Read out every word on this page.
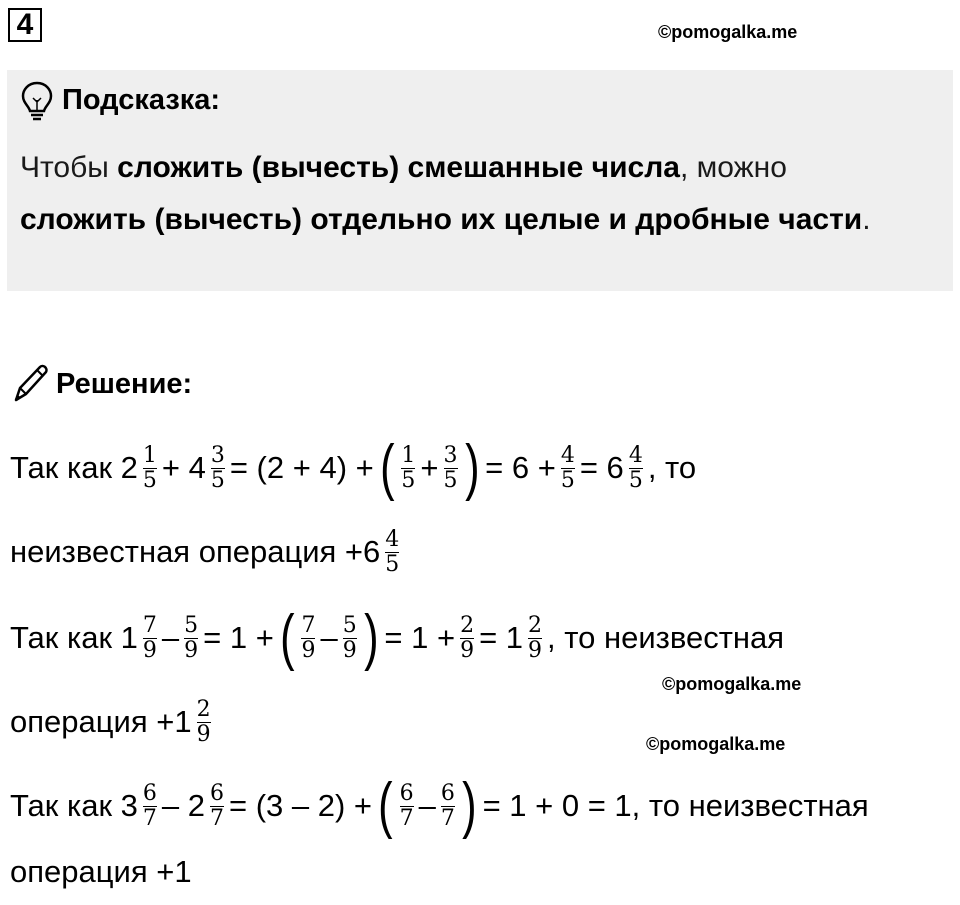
4	©pomogalka.me
©pomogalka.me
©pomogalka.me
Подсказка:
Чтобы сложить (вычесть) смешанные числа, можно
сложить (вычесть) отдельно их целые и дробные части.
Решение:
Так как $2 \frac{1}{5} + 4 \frac{3}{5} = (2 + 4)$ + ( $\frac{1}{5} + \frac{3}{5}$ ) = $6 + \frac{4}{5} = 6 \frac{4}{5}$ , то
неизвестная операция $+6 \frac{4}{5}$
Так как $1 \frac{7}{9} - \frac{5}{9} = 1$ + ( $\frac{7}{9} - \frac{5}{9}$ ) = $1 + \frac{2}{9} = 1 \frac{2}{9}$ , то неизвестная
операция $+1 \frac{2}{9}$
Так как $3 \frac{6}{7} - 2 \frac{6}{7} = (3 - 2)$ + ( $\frac{6}{7} - \frac{6}{7}$ ) = 1 + 0 = 1, то неизвестная
операция +1
